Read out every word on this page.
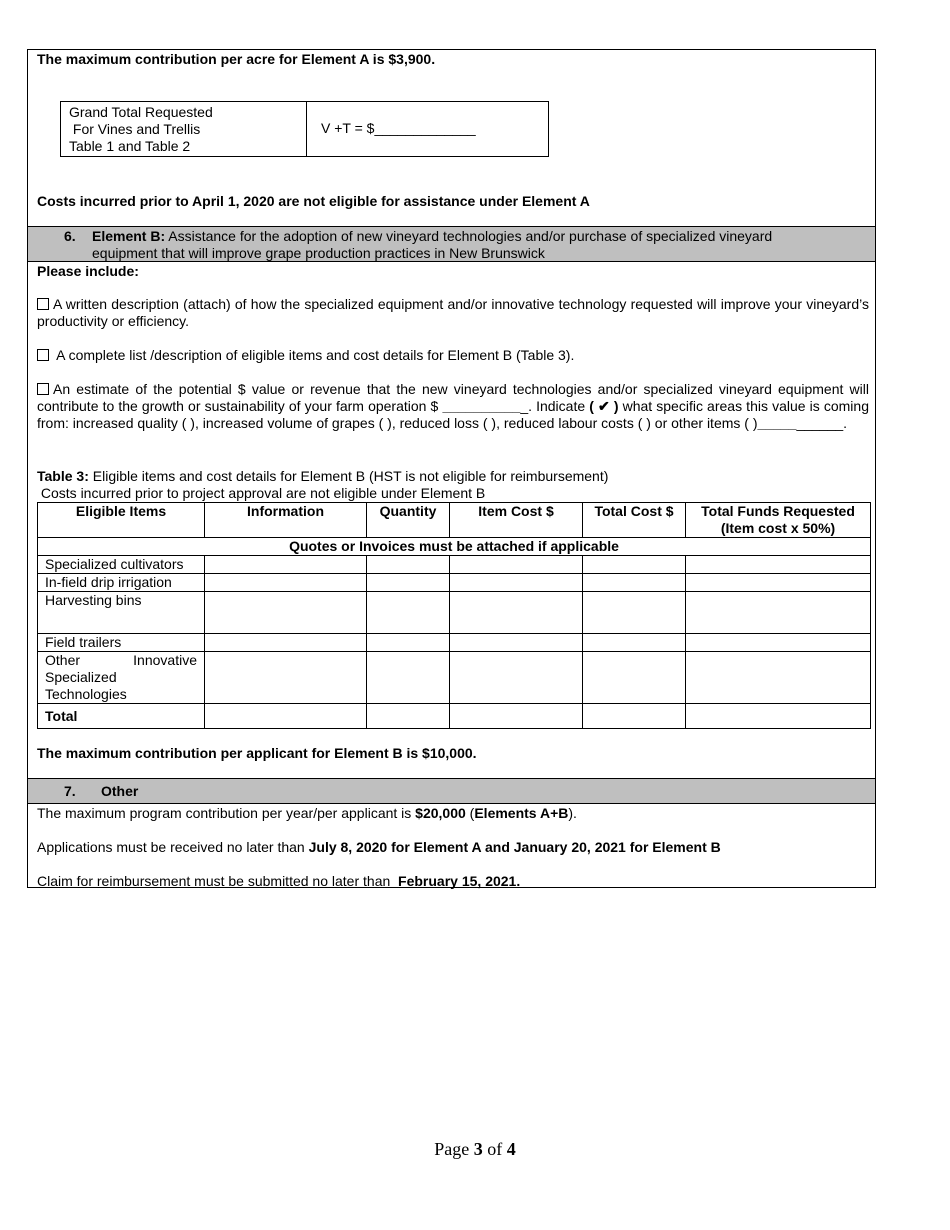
The maximum contribution per acre for Element A is $3,900.
Grand Total Requested
For Vines and Trellis
Table 1 and Table 2
V +T = $_____________
Costs incurred prior to April 1, 2020 are not eligible for assistance under Element A
6. Element B: Assistance for the adoption of new vineyard technologies and/or purchase of specialized vineyard equipment that will improve grape production practices in New Brunswick
Please include:
A written description (attach) of how the specialized equipment and/or innovative technology requested will improve your vineyard’s productivity or efficiency.
A complete list /description of eligible items and cost details for Element B (Table 3).
An estimate of the potential $ value or revenue that the new vineyard technologies and/or specialized vineyard equipment will contribute to the growth or sustainability of your farm operation $ ___________. Indicate ( ✔ ) what specific areas this value is coming from: increased quality ( ), increased volume of grapes ( ), reduced loss ( ), reduced labour costs ( ) or other items ( )___________.
Table 3: Eligible items and cost details for Element B (HST is not eligible for reimbursement)
Costs incurred prior to project approval are not eligible under Element B
Eligible Items	Information	Quantity	Item Cost $	Total Cost $	Total Funds Requested (Item cost x 50%)
Quotes or Invoices must be attached if applicable					
Specialized cultivators					
In-field drip irrigation					
Harvesting bins					
Field trailers					
Other Innovative Specialized Technologies					
Total					
The maximum contribution per applicant for Element B is $10,000.
7. Other
The maximum program contribution per year/per applicant is $20,000 (Elements A+B).
Applications must be received no later than July 8, 2020 for Element A and January 20, 2021 for Element B
Claim for reimbursement must be submitted no later than  February 15, 2021.
Page 3 of 4
